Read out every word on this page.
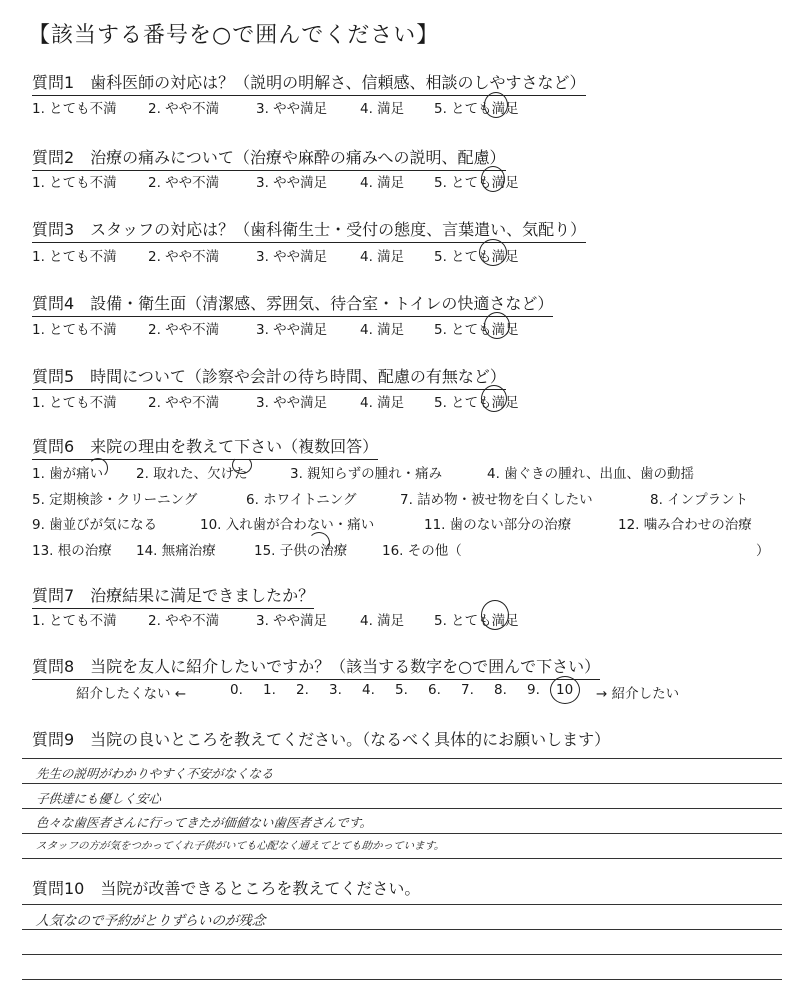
【該当する番号を○で囲んでください】
質問1　歯科医師の対応は？（説明の明解さ、信頼感、相談のしやすさなど）
1. とても不満 2. やや不満	3. やや満足 4. 満足 5. とても満足
質問2　治療の痛みについて（治療や麻酔の痛みへの説明、配慮）
1. とても不満 2. やや不満	3. やや満足 4. 満足 5. とても満足
質問3　スタッフの対応は？（歯科衛生士・受付の態度、言葉遣い、気配り）
1. とても不満 2. やや不満	3. やや満足 4. 満足 5. とても満足
質問4　設備・衛生面（清潔感、雰囲気、待合室・トイレの快適さなど）
1. とても不満 2. やや不満	3. やや満足 4. 満足 5. とても満足
質問5　時間について（診察や会計の待ち時間、配慮の有無など）
1. とても不満 2. やや不満	3. やや満足 4. 満足 5. とても満足
質問6　来院の理由を教えて下さい（複数回答）
1. 歯が痛い 2. 取れた、欠けた	3. 親知らずの腫れ・痛み	4. 歯ぐきの腫れ、出血、歯の動揺
5. 定期検診・クリーニング	6. ホワイトニング	7. 詰め物・被せ物を白くしたい	8. インプラント
9. 歯並びが気になる	10. 入れ歯が合わない・痛い	11. 歯のない部分の治療	12. 噛み合わせの治療
13. 根の治療 14. 無痛治療	15. 子供の治療	16. その他（	）
質問7　治療結果に満足できましたか？
1. とても不満 2. やや不満	3. やや満足 4. 満足 5. とても満足
質問8　当院を友人に紹介したいですか？（該当する数字を○で囲んで下さい）
紹介したくない ←	0. 1. 2. 3. 4. 5. 6. 7. 8. 9. 10 → 紹介したい
質問9　当院の良いところを教えてください。（なるべく具体的にお願いします）
先生の説明がわかりやすく不安がなくなる
子供達にも優しく安心
色々な歯医者さんに行ってきたが価値ない歯医者さんです。
スタッフの方が気をつかってくれ子供がいても心配なく通えてとても助かっています。
質問10　当院が改善できるところを教えてください。
人気なので予約がとりずらいのが残念
